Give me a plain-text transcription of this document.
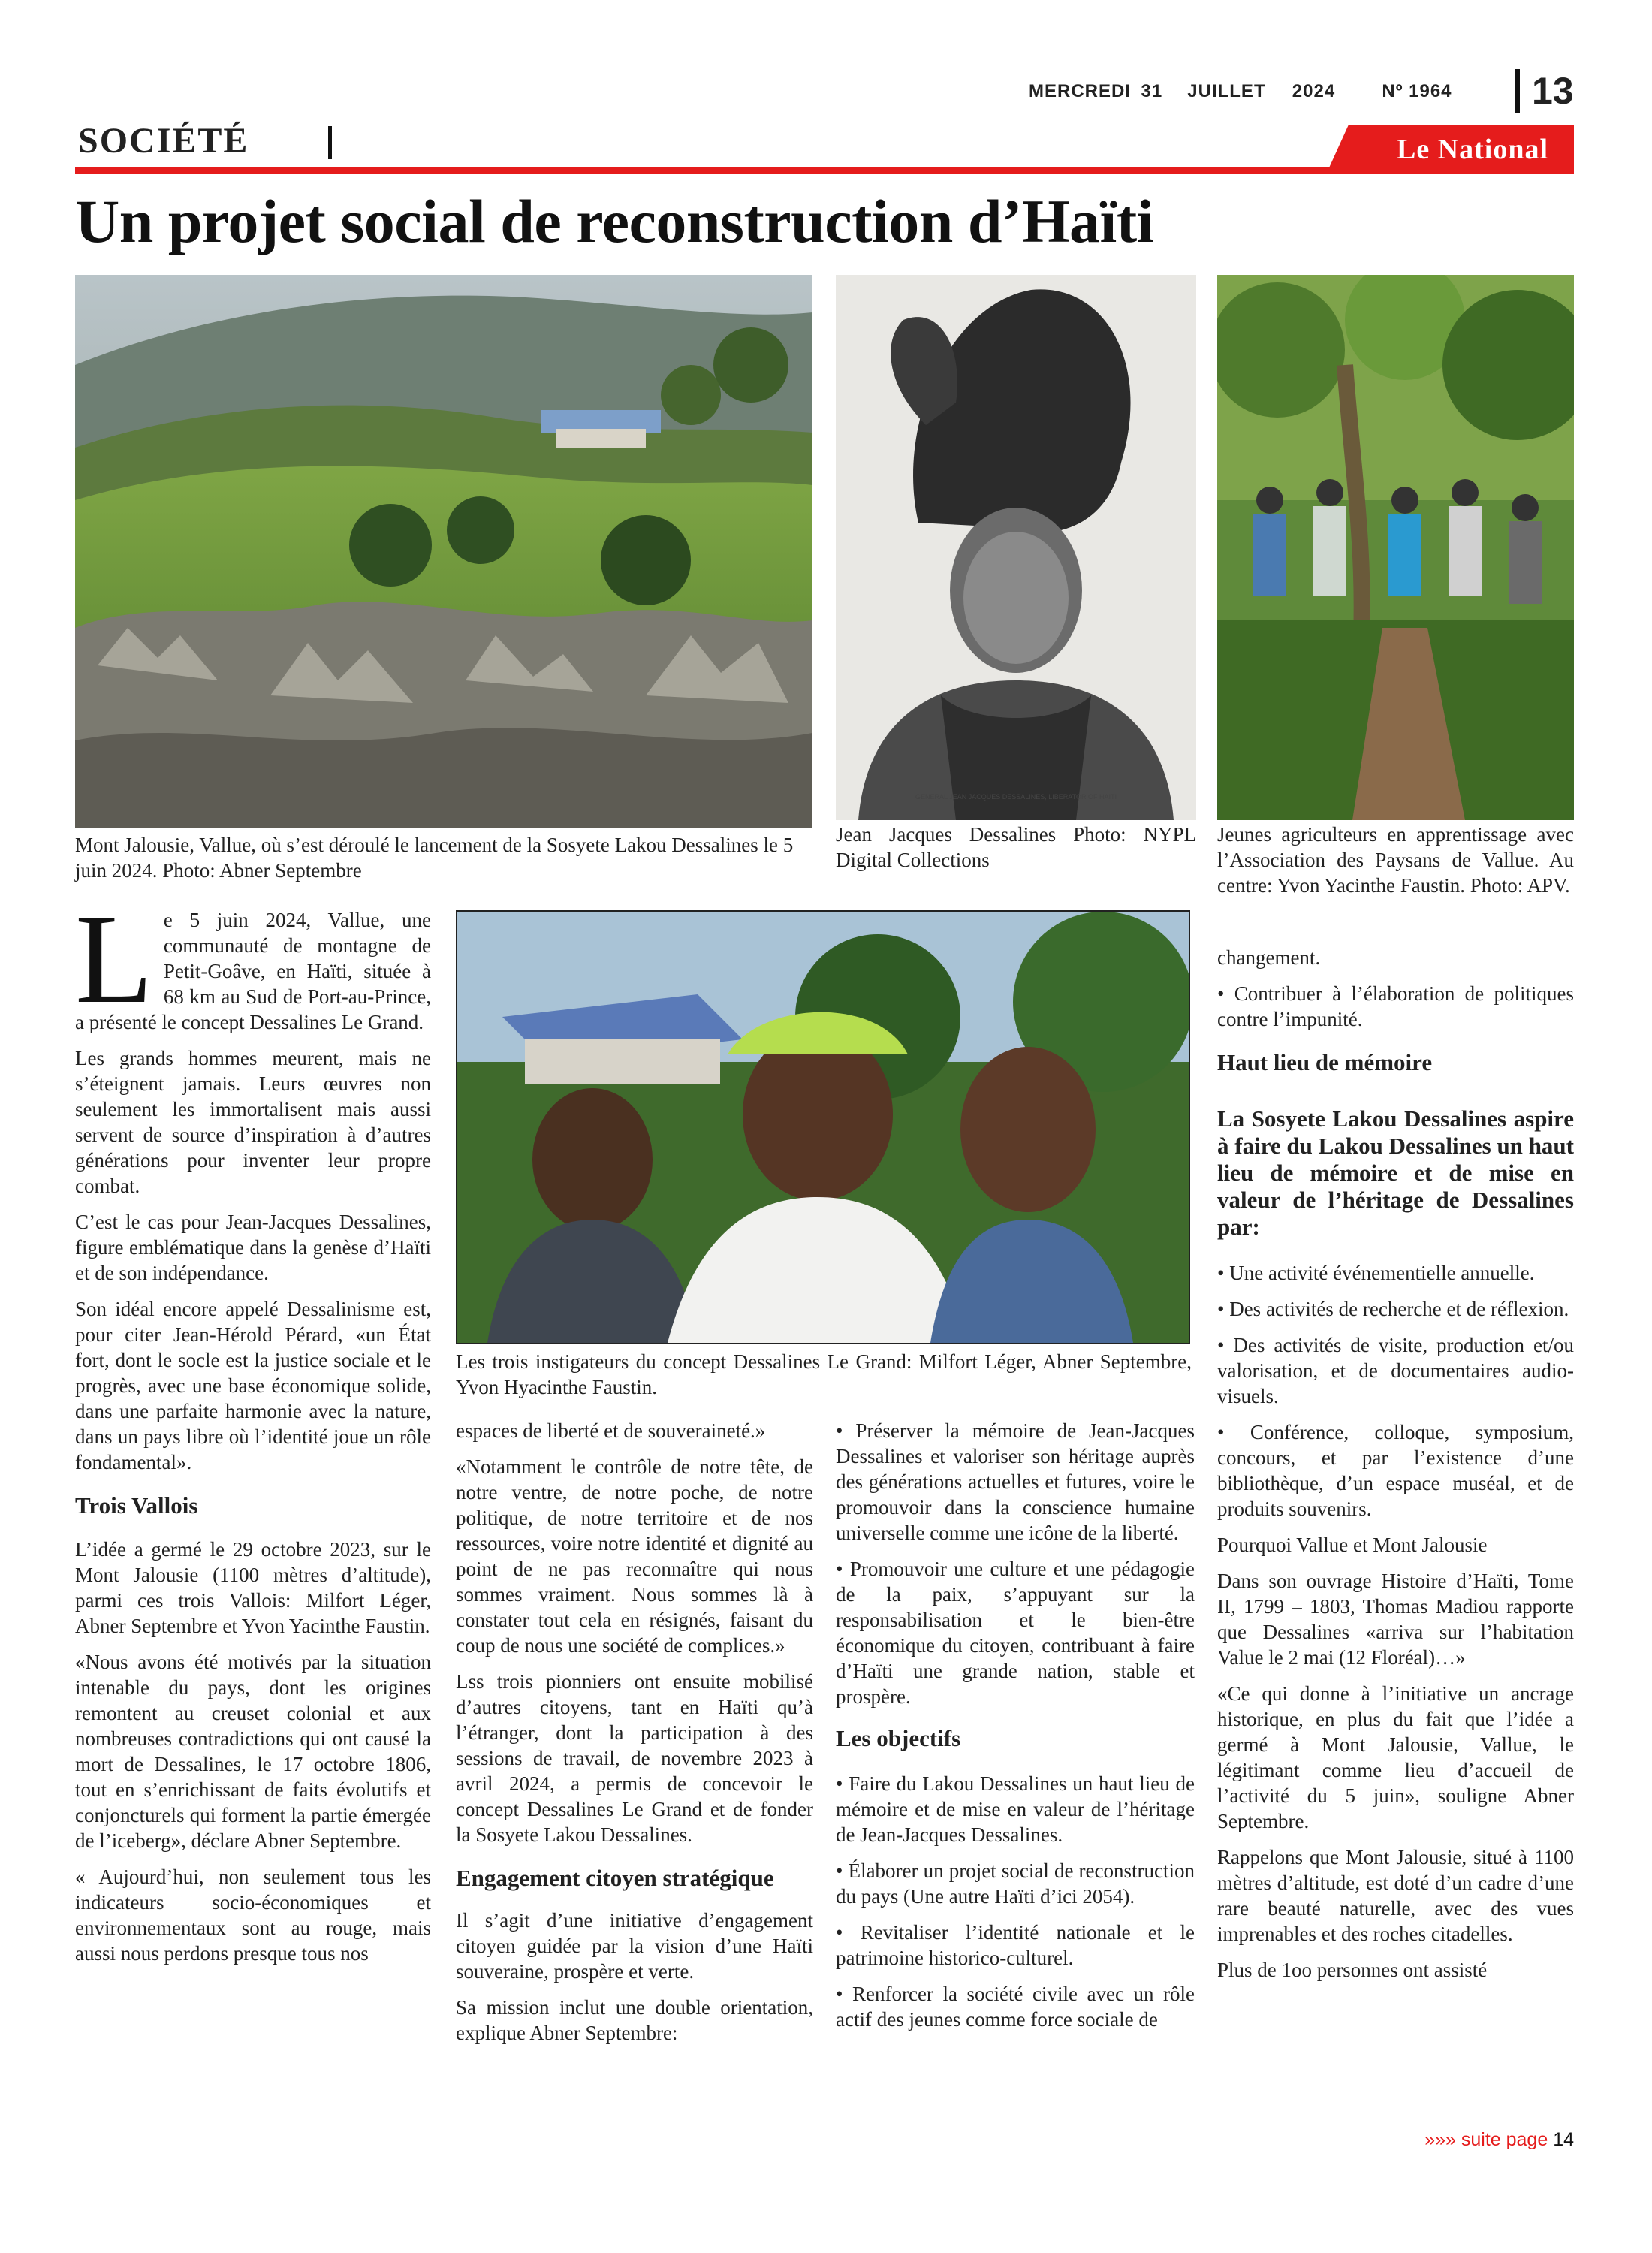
MERCREDI 31	JUILLET	2024	Nº 1964	13
SOCIÉTÉ	Le National
Un projet social de reconstruction d’Haïti
Mont Jalousie, Vallue, où s’est déroulé le lancement de la Sosyete Lakou Dessalines le 5 juin 2024. Photo: Abner Septembre
GENERAL JEAN JACQUES DESSALINES, LIBERATOR OF HAITI
Jean Jacques Dessalines Photo: NYPL Digital Collections
Jeunes agriculteurs en apprentissage avec l’Association des Paysans de Vallue. Au centre: Yvon Yacinthe Faustin. Photo: APV.
Les trois instigateurs du concept Dessalines Le Grand: Milfort Léger, Abner Septembre, Yvon Hyacinthe Faustin.

Le 5 juin 2024, Vallue, une communauté de montagne de Petit-Goâve, en Haïti, située à 68 km au Sud de Port-au-Prince, a présenté le concept Dessalines Le Grand.

Les grands hommes meurent, mais ne s’éteignent jamais. Leurs œuvres non seulement les immortalisent mais aussi servent de source d’inspiration à d’autres générations pour inventer leur propre combat.

C’est le cas pour Jean-Jacques Dessalines, figure emblématique dans la genèse d’Haïti et de son indépendance.

Son idéal encore appelé Dessalinisme est, pour citer Jean-Hérold Pérard, «un État fort, dont le socle est la justice sociale et le progrès, avec une base économique solide, dans une parfaite harmonie avec la nature, dans un pays libre où l’identité joue un rôle fondamental».

Trois Vallois

L’idée a germé le 29 octobre 2023, sur le Mont Jalousie (1100 mètres d’altitude), parmi ces trois Vallois: Milfort Léger, Abner Septembre et Yvon Yacinthe Faustin.

«Nous avons été motivés par la situation intenable du pays, dont les origines remontent au creuset colonial et aux nombreuses contradictions qui ont causé la mort de Dessalines, le 17 octobre 1806, tout en s’enrichissant de faits évolutifs et conjoncturels qui forment la partie émergée de l’iceberg», déclare Abner Septembre.

« Aujourd’hui, non seulement tous les indicateurs socio-économiques et environnementaux sont au rouge, mais aussi nous perdons presque tous nos

espaces de liberté et de souveraineté.»

«Notamment le contrôle de notre tête, de notre ventre, de notre poche, de notre politique, de notre territoire et de nos ressources, voire notre identité et dignité au point de ne pas reconnaître qui nous sommes vraiment. Nous sommes là à constater tout cela en résignés, faisant du coup de nous une société de complices.»

Lss trois pionniers ont ensuite mobilisé d’autres citoyens, tant en Haïti qu’à l’étranger, dont la participation à des sessions de travail, de novembre 2023 à avril 2024, a permis de concevoir le concept Dessalines Le Grand et de fonder la Sosyete Lakou Dessalines.

Engagement citoyen stratégique

Il s’agit d’une initiative d’engagement citoyen guidée par la vision d’une Haïti souveraine, prospère et verte.

Sa mission inclut une double orientation, explique Abner Septembre:

• Préserver la mémoire de Jean-Jacques Dessalines et valoriser son héritage auprès des générations actuelles et futures, voire le promouvoir dans la conscience humaine universelle comme une icône de la liberté.

• Promouvoir une culture et une pédagogie de la paix, s’appuyant sur la responsabilisation et le bien-être économique du citoyen, contribuant à faire d’Haïti une grande nation, stable et prospère.

Les objectifs

• Faire du Lakou Dessalines un haut lieu de mémoire et de mise en valeur de l’héritage de Jean-Jacques Dessalines.

• Élaborer un projet social de reconstruction du pays (Une autre Haïti d’ici 2054).

• Revitaliser l’identité nationale et le patrimoine historico-culturel.

• Renforcer la société civile avec un rôle actif des jeunes comme force sociale de

changement.

• Contribuer à l’élaboration de politiques contre l’impunité.

Haut lieu de mémoire

La Sosyete Lakou Dessalines aspire à faire du Lakou Dessalines un haut lieu de mémoire et de mise en valeur de l’héritage de Dessalines par:

• Une activité événementielle annuelle.

• Des activités de recherche et de réflexion.

• Des activités de visite, production et/ou valorisation, et de documentaires audio-visuels.

• Conférence, colloque, symposium, concours, et par l’existence d’une bibliothèque, d’un espace muséal, et de produits souvenirs.

Pourquoi Vallue et Mont Jalousie

Dans son ouvrage Histoire d’Haïti, Tome II, 1799 – 1803, Thomas Madiou rapporte que Dessalines «arriva sur l’habitation Value le 2 mai (12 Floréal)…»

«Ce qui donne à l’initiative un ancrage historique, en plus du fait que l’idée a germé à Mont Jalousie, Vallue, le légitimant comme lieu d’accueil de l’activité du 5 juin», souligne Abner Septembre.

Rappelons que Mont Jalousie, situé à 1100 mètres d’altitude, est doté d’un cadre d’une rare beauté naturelle, avec des vues imprenables et des roches citadelles.

Plus de 1oo personnes ont assisté

»»» suite page 14
